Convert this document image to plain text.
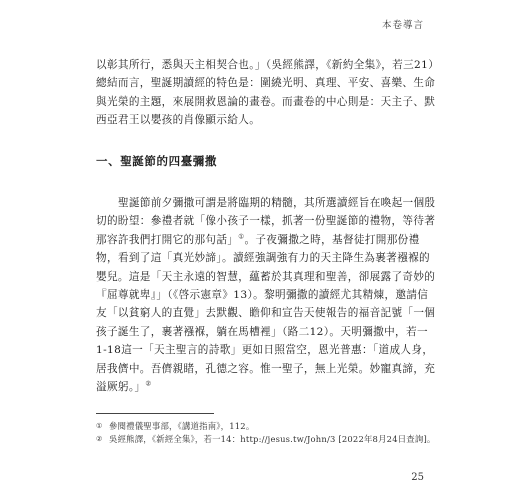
本卷導言

以彰其所行，悉與天主相契合也。」（吳經熊譯，《新約全集》，若三21）總結而言，聖誕期讀經的特色是：圍繞光明、真理、平安、喜樂、生命與光榮的主題，來展開救恩論的畫卷。而畫卷的中心則是：天主子、默西亞君王以嬰孩的肖像顯示給人。

一、聖誕節的四臺彌撒

聖誕節前夕彌撒可謂是將臨期的精髓，其所選讀經旨在喚起一個殷切的盼望：參禮者就「像小孩子一樣，抓著一份聖誕節的禮物，等待著那容許我們打開它的那句話」①。子夜彌撒之時，基督徒打開那份禮物，看到了這「真光妙諦」。讀經強調強有力的天主降生為裹著襁褓的嬰兒。這是「天主永遠的智慧，蘊蓄於其真理和聖善，卻展露了奇妙的『屈尊就卑』」（《啓示憲章》13）。黎明彌撒的讀經尤其精煉，邀請信友「以貧窮人的直覺」去默觀、瞻仰和宣告天使報告的福音記號「一個孩子誕生了，裹著襁褓，躺在馬槽裡」（路二12）。天明彌撒中，若一1-18這一「天主聖言的詩歌」更如日照當空，恩光普惠：「道成人身，居我儕中。吾儕親睹，孔德之容。惟一聖子，無上光榮。妙寵真諦，充溢厥躬。」②

① 參閱禮儀聖事部，《講道指南》，112。
② 吳經熊譯，《新經全集》，若一14：http://jesus.tw/John/3 [2022年8月24日查詢]。
25
